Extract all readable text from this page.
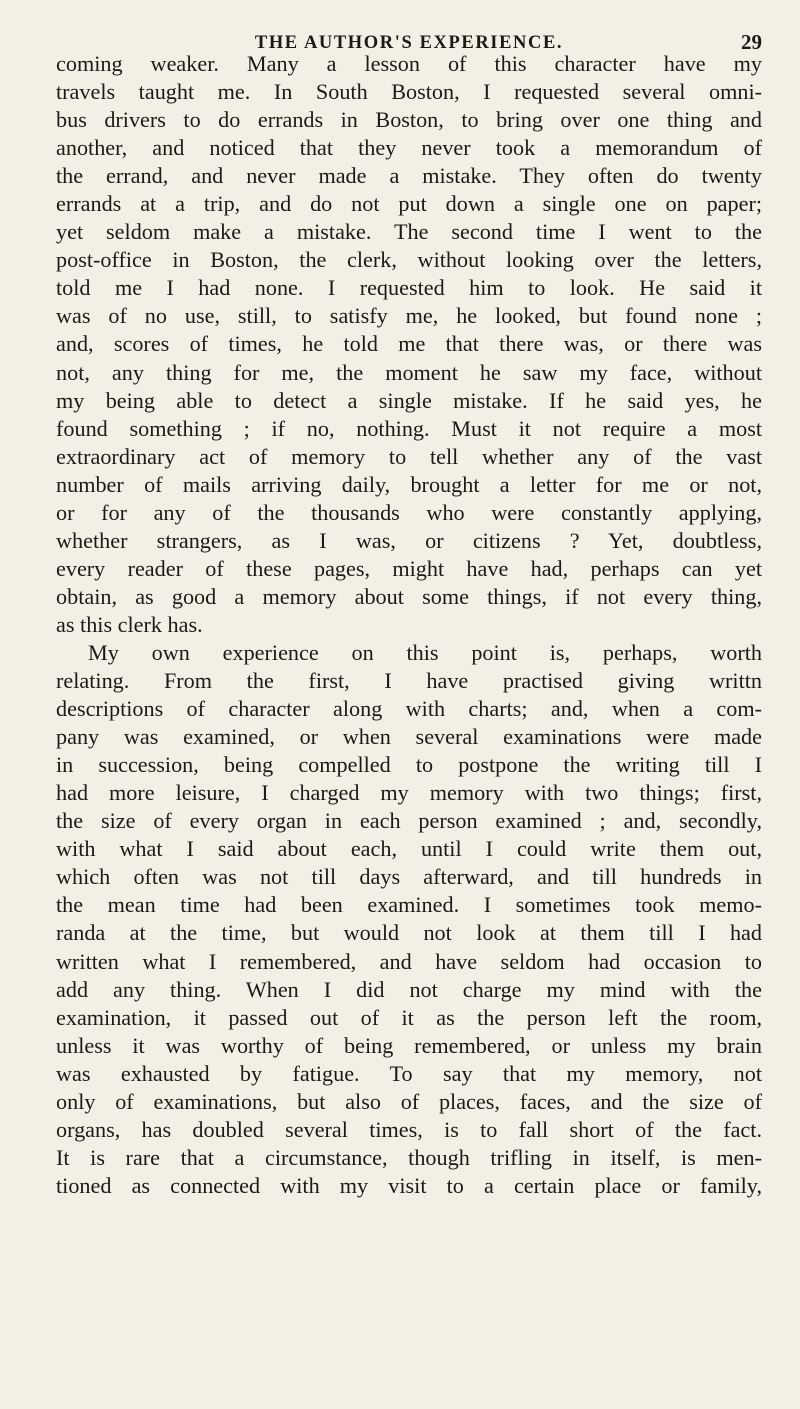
THE AUTHOR'S EXPERIENCE.	29
coming weaker. Many a lesson of this character have my
travels taught me. In South Boston, I requested several omni-
bus drivers to do errands in Boston, to bring over one thing and
another, and noticed that they never took a memorandum of
the errand, and never made a mistake. They often do twenty
errands at a trip, and do not put down a single one on paper;
yet seldom make a mistake. The second time I went to the
post-office in Boston, the clerk, without looking over the letters,
told me I had none. I requested him to look. He said it
was of no use, still, to satisfy me, he looked, but found none ;
and, scores of times, he told me that there was, or there was
not, any thing for me, the moment he saw my face, without
my being able to detect a single mistake. If he said yes, he
found something ; if no, nothing. Must it not require a most
extraordinary act of memory to tell whether any of the vast
number of mails arriving daily, brought a letter for me or not,
or for any of the thousands who were constantly applying,
whether strangers, as I was, or citizens ? Yet, doubtless,
every reader of these pages, might have had, perhaps can yet
obtain, as good a memory about some things, if not every thing,
as this clerk has.
My own experience on this point is, perhaps, worth
relating. From the first, I have practised giving writtn
descriptions of character along with charts; and, when a com-
pany was examined, or when several examinations were made
in succession, being compelled to postpone the writing till I
had more leisure, I charged my memory with two things; first,
the size of every organ in each person examined ; and, secondly,
with what I said about each, until I could write them out,
which often was not till days afterward, and till hundreds in
the mean time had been examined. I sometimes took memo-
randa at the time, but would not look at them till I had
written what I remembered, and have seldom had occasion to
add any thing. When I did not charge my mind with the
examination, it passed out of it as the person left the room,
unless it was worthy of being remembered, or unless my brain
was exhausted by fatigue. To say that my memory, not
only of examinations, but also of places, faces, and the size of
organs, has doubled several times, is to fall short of the fact.
It is rare that a circumstance, though trifling in itself, is men-
tioned as connected with my visit to a certain place or family,
